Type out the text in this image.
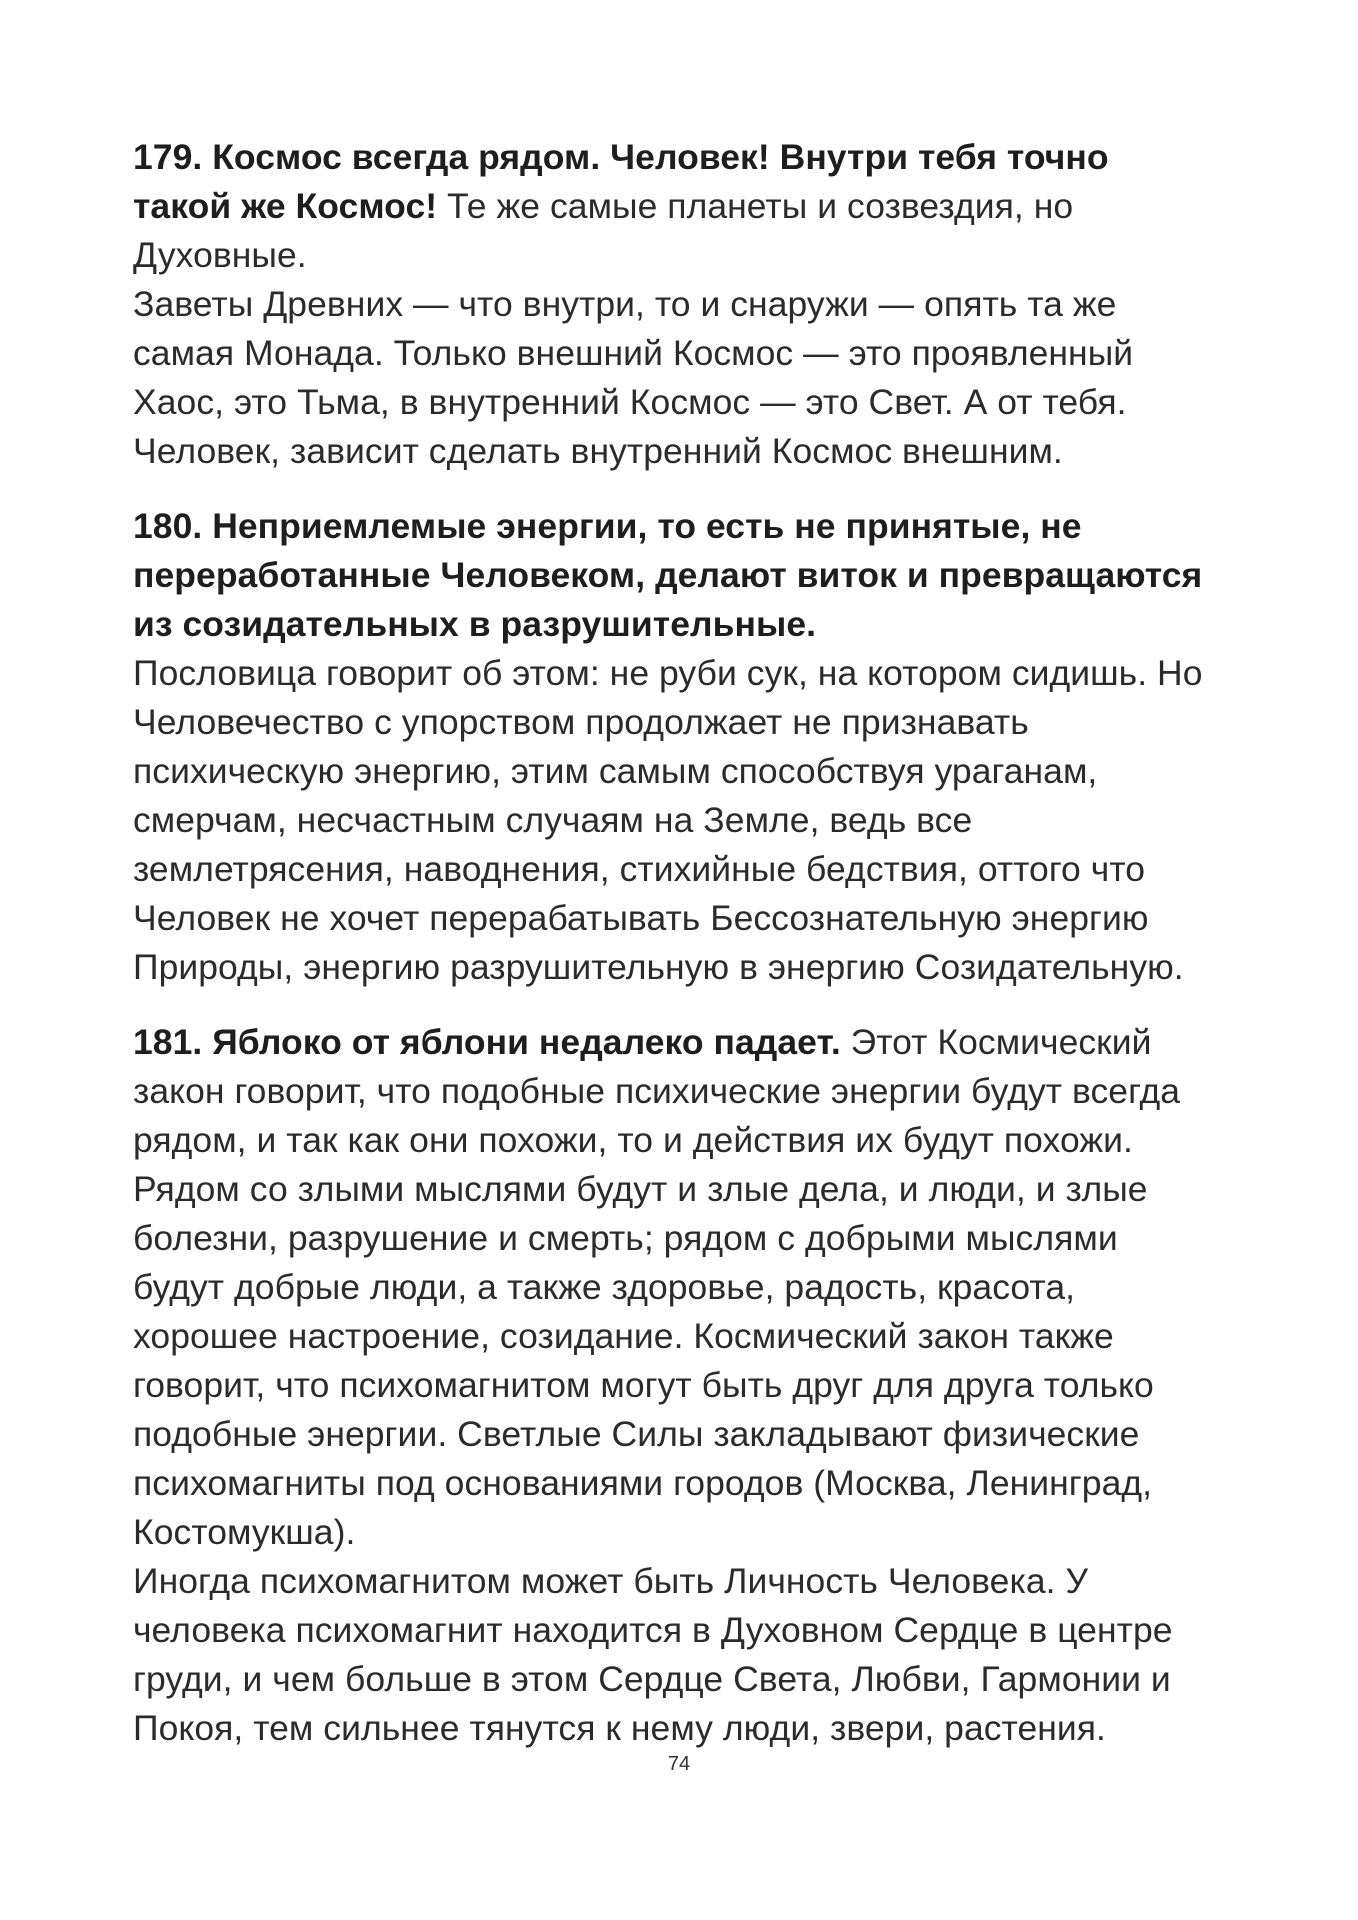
179. Космос всегда рядом. Человек! Внутри тебя точно
такой же Космос! Те же самые планеты и созвездия, но
Духовные.
Заветы Древних — что внутри, то и снаружи — опять та же
самая Монада. Только внешний Космос — это проявленный
Хаос, это Тьма, в внутренний Космос — это Свет. А от тебя.
Человек, зависит сделать внутренний Космос внешним.
180. Неприемлемые энергии, то есть не принятые, не
переработанные Человеком, делают виток и превращаются
из созидательных в разрушительные.
Пословица говорит об этом: не руби сук, на котором сидишь. Но
Человечество с упорством продолжает не признавать
психическую энергию, этим самым способствуя ураганам,
смерчам, несчастным случаям на Земле, ведь все
землетрясения, наводнения, стихийные бедствия, оттого что
Человек не хочет перерабатывать Бессознательную энергию
Природы, энергию разрушительную в энергию Созидательную.
181. Яблоко от яблони недалеко падает. Этот Космический
закон говорит, что подобные психические энергии будут всегда
рядом, и так как они похожи, то и действия их будут похожи.
Рядом со злыми мыслями будут и злые дела, и люди, и злые
болезни, разрушение и смерть; рядом с добрыми мыслями
будут добрые люди, а также здоровье, радость, красота,
хорошее настроение, созидание. Космический закон также
говорит, что психомагнитом могут быть друг для друга только
подобные энергии. Светлые Силы закладывают физические
психомагниты под основаниями городов (Москва, Ленинград,
Костомукша).
Иногда психомагнитом может быть Личность Человека. У
человека психомагнит находится в Духовном Сердце в центре
груди, и чем больше в этом Сердце Света, Любви, Гармонии и
Покоя, тем сильнее тянутся к нему люди, звери, растения.
74
